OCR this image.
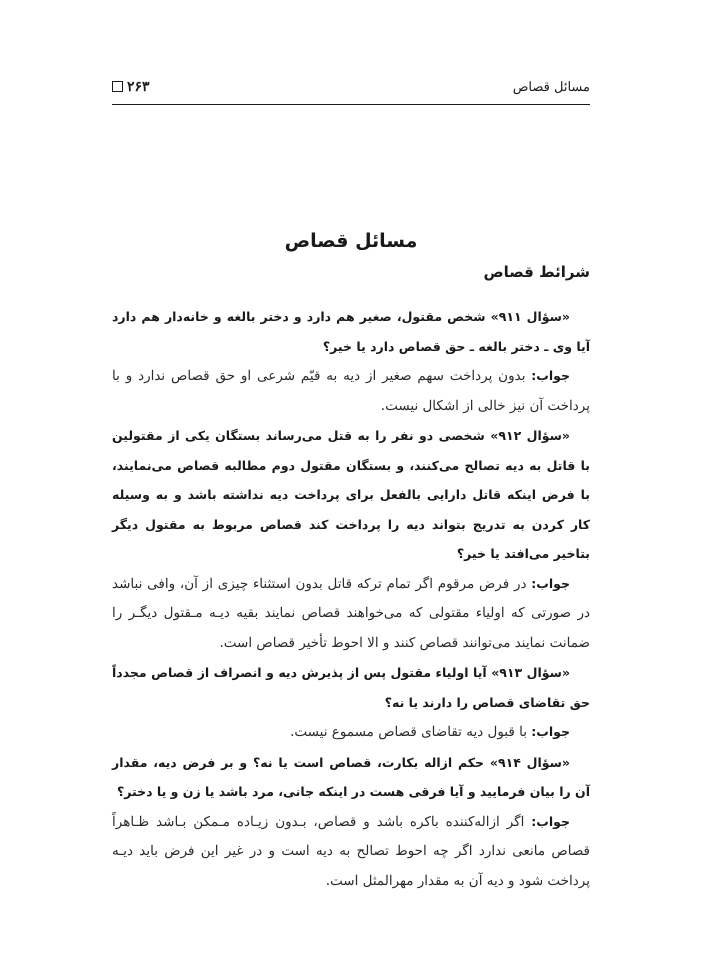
مسائل قصاص
۲۶۳
مسائل قصاص
شرائط قصاص

«سؤال ۹۱۱» شخص مقتول، صغیر هم دارد و دختر بالغه و خانه‌دار هم دارد آیا وی ـ دختر بالغه ـ حق قصاص دارد یا خیر؟

جواب: بدون پرداخت سهم صغیر از دیه به قیّم شرعی او حق قصاص ندارد و با پرداخت آن نیز خالی از اشکال نیست.

«سؤال ۹۱۲» شخصی دو نفر را به قتل می‌رساند بستگان یکی از مقتولین با قاتل به دیه تصالح می‌کنند، و بستگان مقتول دوم مطالبه قصاص می‌نمایند، با فرض اینکه قاتل دارایی بالفعل برای پرداخت دیه نداشته باشد و به وسیله کار کردن به تدریج بتواند دیه را پرداخت کند قصاص مربوط به مقتول دیگر بتاخیر می‌افتد یا خیر؟

جواب: در فرض مرقوم اگر تمام ترکه قاتل بدون استثناء چیزی از آن، وافی نباشد در صورتی که اولیاء مقتولی که می‌خواهند قصاص نمایند بقیه دیـه مـقتول دیگـر را ضمانت نمایند می‌توانند قصاص کنند و الا احوط تأخیر قصاص است.

«سؤال ۹۱۳» آیا اولیاء مقتول پس از پذیرش دیه و انصراف از قصاص مجدداً حق تقاضای قصاص را دارند یا نه؟

جواب: با قبول دیه تقاضای قصاص مسموع نیست.

«سؤال ۹۱۴» حکم ازاله بکارت، قصاص است یا نه؟ و بر فرض دیه، مقدار آن را بیان فرمایید و آیا فرقی هست در اینکه جانی، مرد باشد یا زن و یا دختر؟

جواب: اگر ازاله‌کننده باکره باشد و قصاص، بـدون زیـاده مـمکن بـاشد ظـاهراً قصاص مانعی ندارد اگر چه احوط تصالح به دیه است و در غیر این فرض باید دیـه پرداخت شود و دیه آن به مقدار مهرالمثل است.
